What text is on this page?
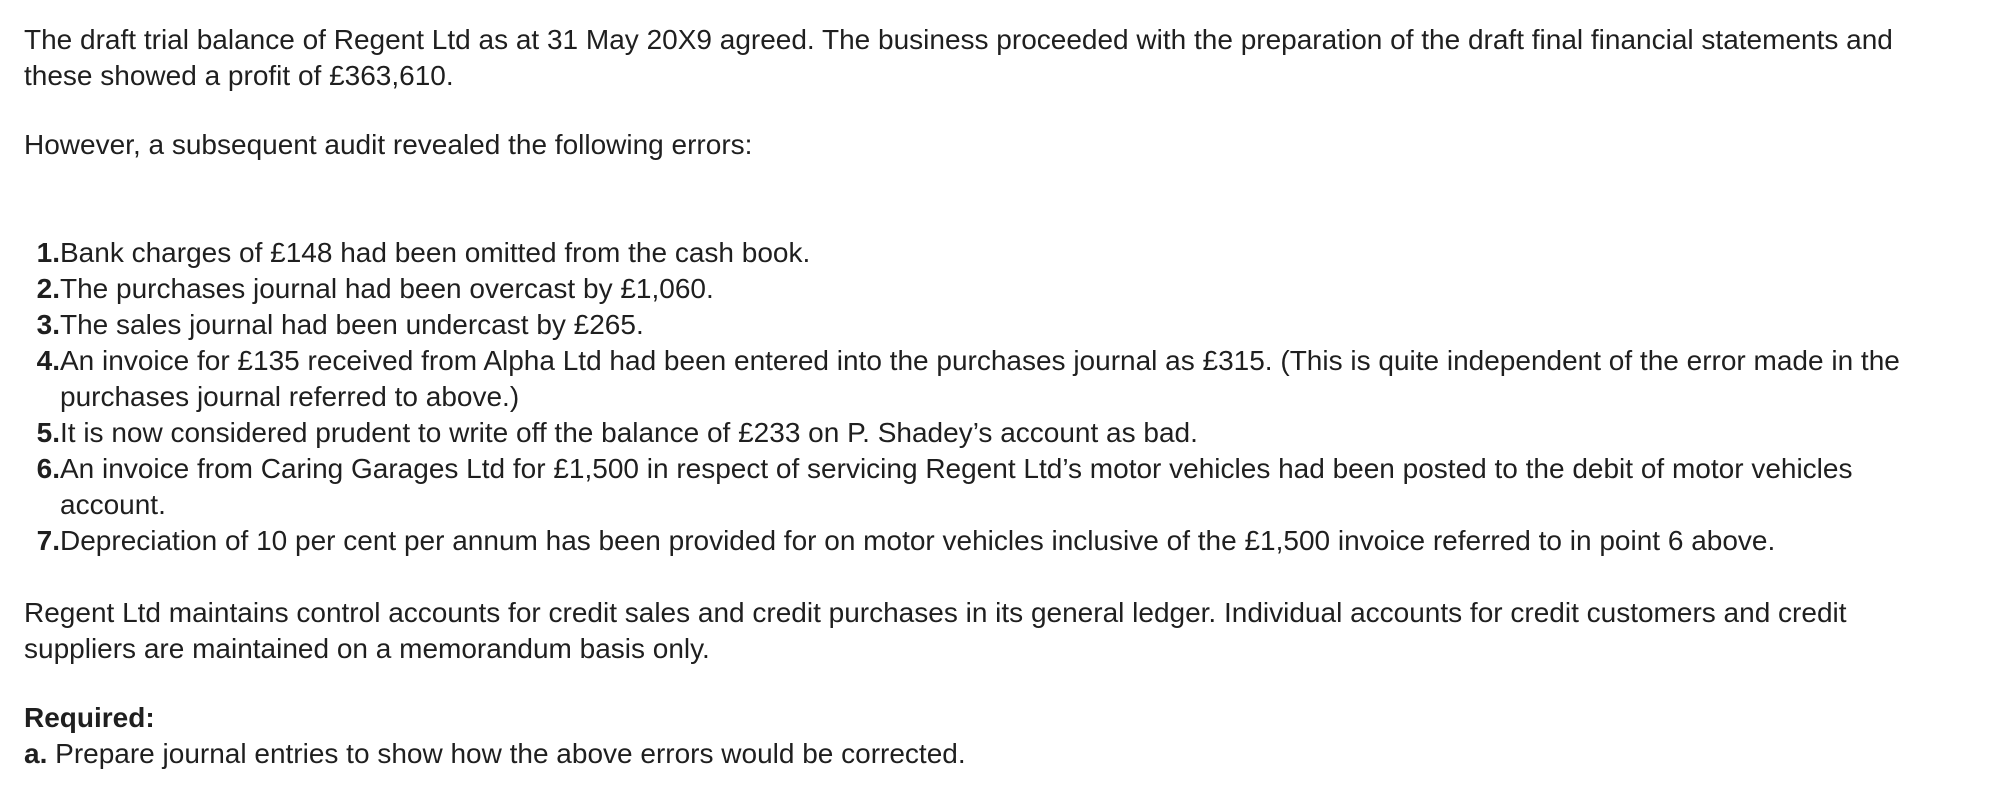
The draft trial balance of Regent Ltd as at 31 May 20X9 agreed. The business proceeded with the preparation of the draft final financial statements and these showed a profit of £363,610.

However, a subsequent audit revealed the following errors:

1. Bank charges of £148 had been omitted from the cash book.
2. The purchases journal had been overcast by £1,060.
3. The sales journal had been undercast by £265.
4. An invoice for £135 received from Alpha Ltd had been entered into the purchases journal as £315. (This is quite independent of the error made in the purchases journal referred to above.)
5. It is now considered prudent to write off the balance of £233 on P. Shadey’s account as bad.
6. An invoice from Caring Garages Ltd for £1,500 in respect of servicing Regent Ltd’s motor vehicles had been posted to the debit of motor vehicles account.
7. Depreciation of 10 per cent per annum has been provided for on motor vehicles inclusive of the £1,500 invoice referred to in point 6 above.

Regent Ltd maintains control accounts for credit sales and credit purchases in its general ledger. Individual accounts for credit customers and credit suppliers are maintained on a memorandum basis only.

Required:

a. Prepare journal entries to show how the above errors would be corrected.
